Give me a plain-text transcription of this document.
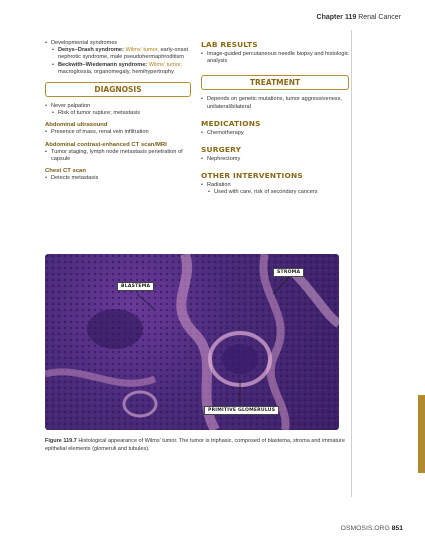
Chapter 119 Renal Cancer

• Developmental syndromes

• Denys–Drash syndrome: Wilms' tumor, early-onset nephrotic syndrome, male pseudohermaphroditism

• Beckwith–Wiedemann syndrome: Wilms' tumor, macroglossia, organomegaly, hemihypertrophy

DIAGNOSIS

• Never palpation

• Risk of tumor rupture; metastasis

Abdominal ultrasound

• Presence of mass, renal vein infiltration

Abdominal contrast-enhanced CT scan/MRI

• Tumor staging, lymph node metastasis penetration of capsule

Chest CT scan

• Detects metastasis

LAB RESULTS

• Image-guided percutaneous needle biopsy and histologic analysis

TREATMENT

• Depends on genetic mutations, tumor aggressiveness, unilateral/bilateral

MEDICATIONS

• Chemotherapy

SURGERY

• Nephrectomy

OTHER INTERVENTIONS

• Radiation

• Used with care, risk of secondary cancers

STROMA
BLASTEMA
PRIMITIVE GLOMERULUS
Figure 119.7 Histological appearance of Wilms' tumor. The tumor is triphasic, composed of blastema, stroma and immature epithelial elements (glomeruli and tubules).
OSMOSIS.ORG 851
